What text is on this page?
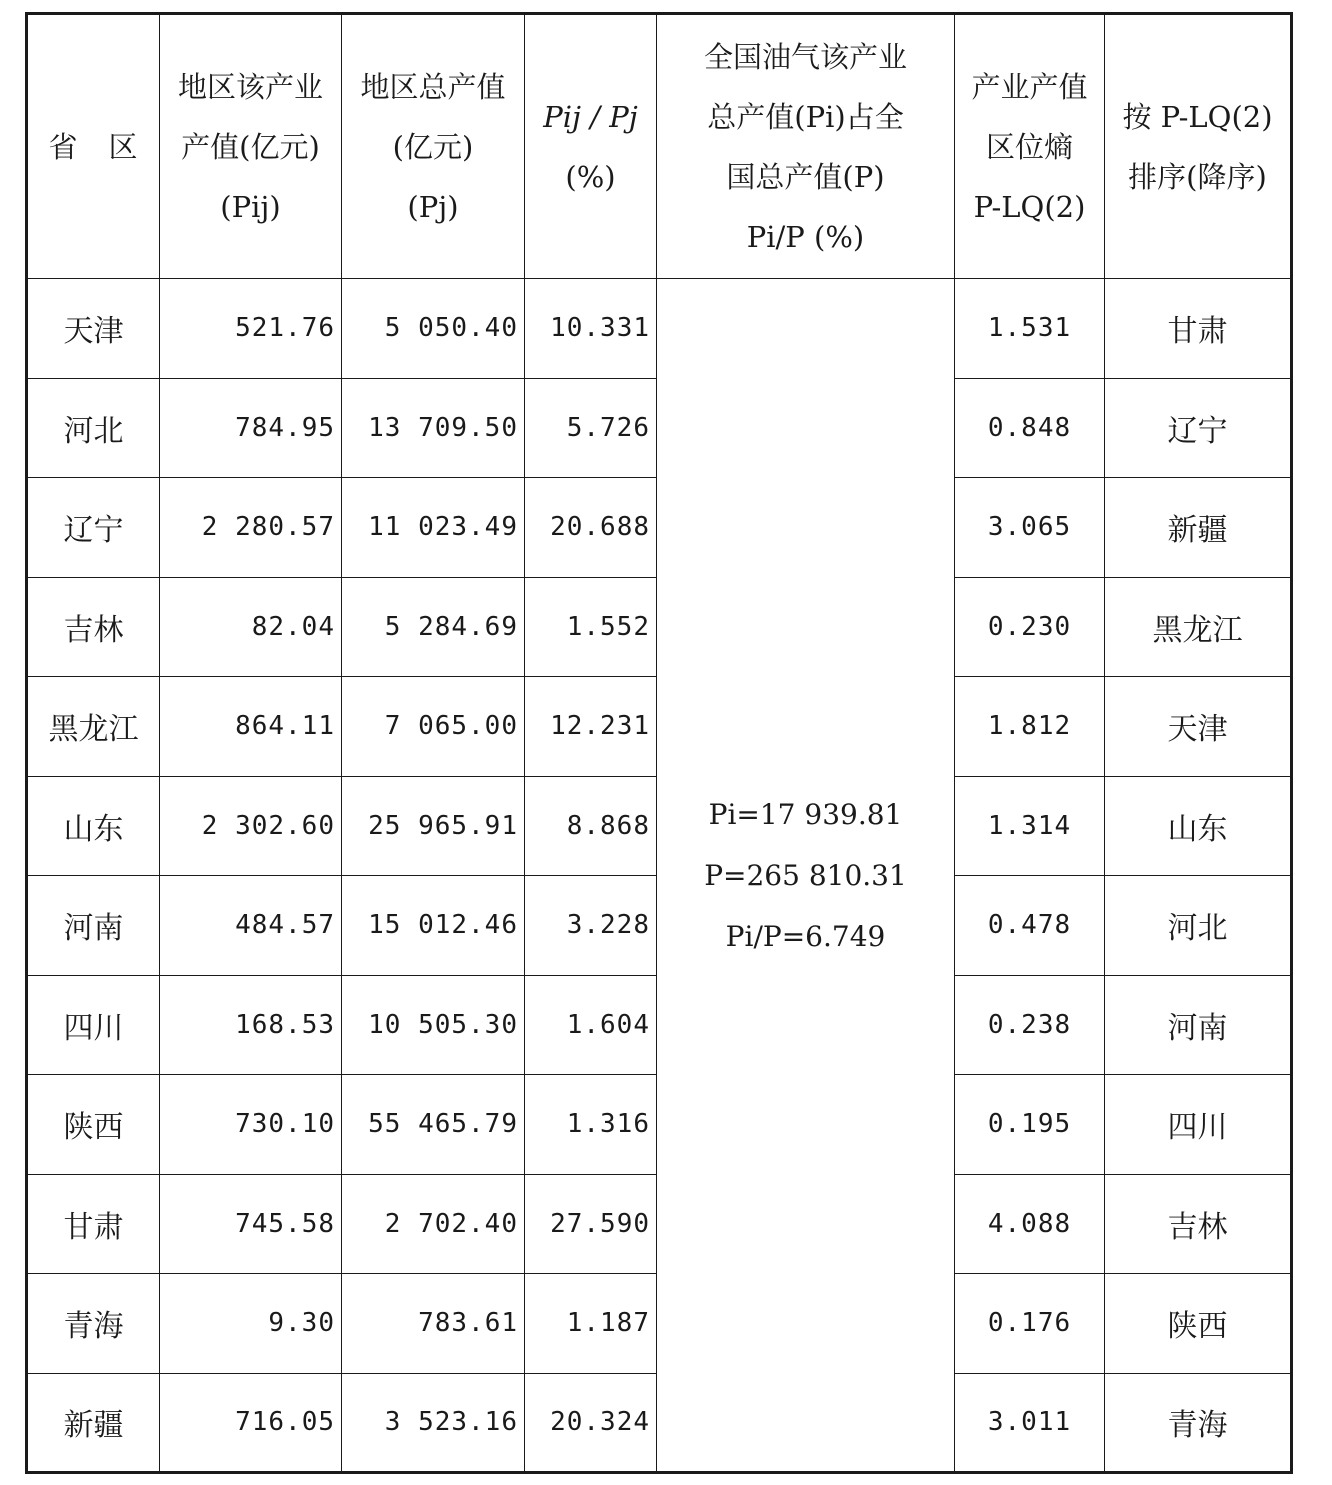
省　区	地区该产业
产值(亿元)
(Pij)	地区总产值
(亿元)
(Pj)	Pij / Pj
(%)	全国油气该产业
总产值(Pi)占全
国总产值(P)
Pi/P (%)	产业产值
区位熵
P-LQ(2)	按 P-LQ(2)
排序(降序)

天津	521.76	5 050.40	10.331	Pi=17 939.81
P=265 810.31
Pi/P=6.749	1.531	甘肃
河北	784.95	13 709.50	5.726		0.848	辽宁
辽宁	2 280.57	11 023.49	20.688		3.065	新疆
吉林	82.04	5 284.69	1.552		0.230	黑龙江
黑龙江	864.11	7 065.00	12.231		1.812	天津
山东	2 302.60	25 965.91	8.868		1.314	山东
河南	484.57	15 012.46	3.228		0.478	河北
四川	168.53	10 505.30	1.604		0.238	河南
陕西	730.10	55 465.79	1.316		0.195	四川
甘肃	745.58	2 702.40	27.590		4.088	吉林
青海	9.30	783.61	1.187		0.176	陕西
新疆	716.05	3 523.16	20.324		3.011	青海
